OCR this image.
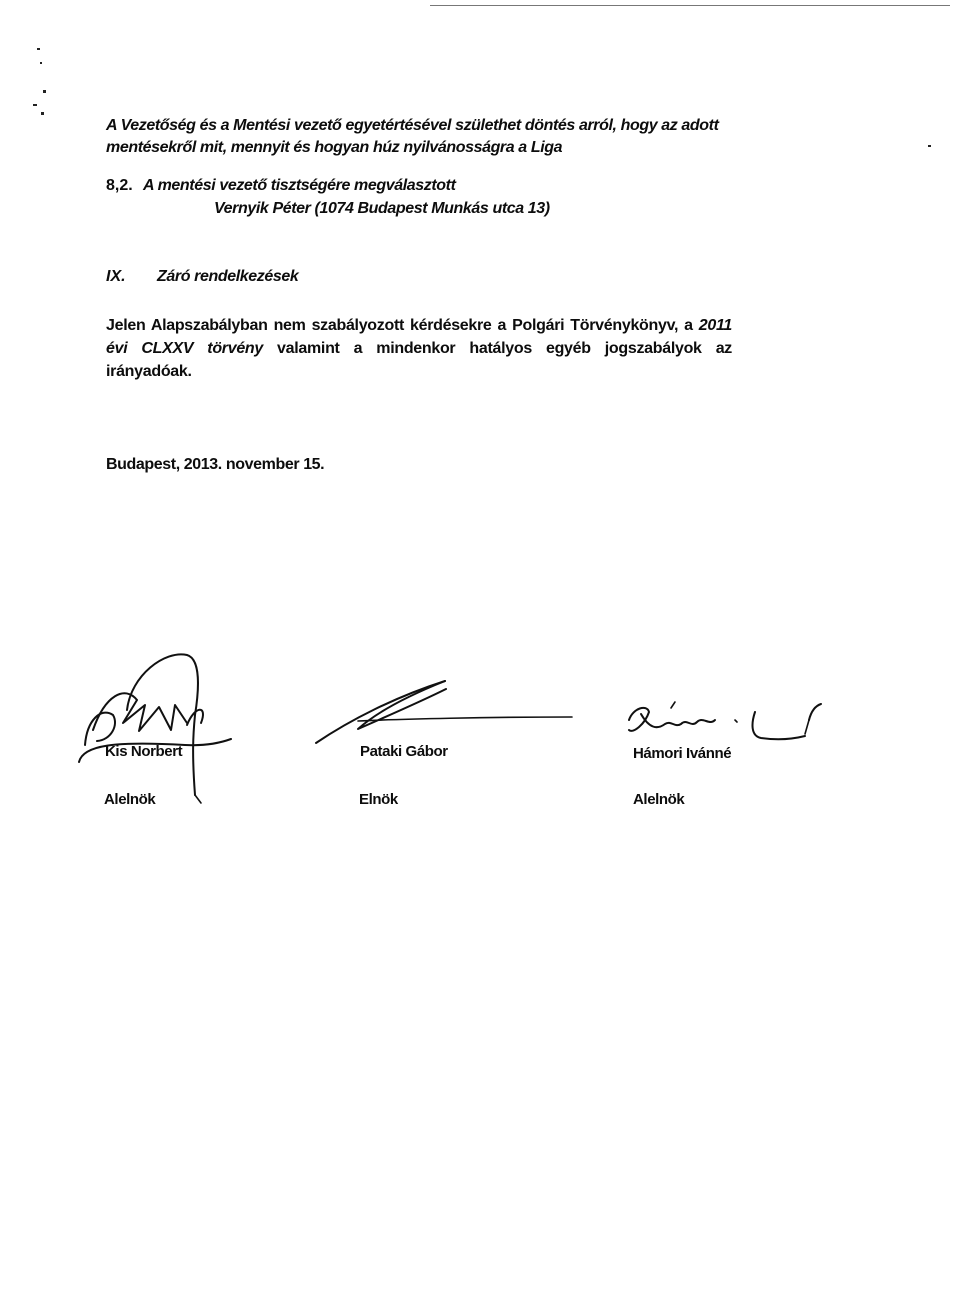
A Vezetőség és a Mentési vezető egyetértésével születhet döntés arról, hogy az adott

mentésekről mit, mennyit és hogyan húz nyilvánosságra a Liga

8,2. A mentési vezető tisztségére megválasztott

Vernyik Péter (1074 Budapest Munkás utca 13)

IX. Záró rendelkezések

Jelen Alapszabályban nem szabályozott kérdésekre a Polgári Törvénykönyv, a 2011 évi CLXXV törvény valamint a mindenkor hatályos egyéb jogszabályok az irányadóak.

Budapest, 2013. november 15.

Kis Norbert

Alelnök

Pataki Gábor

Elnök

Hámori Ivánné

Alelnök
